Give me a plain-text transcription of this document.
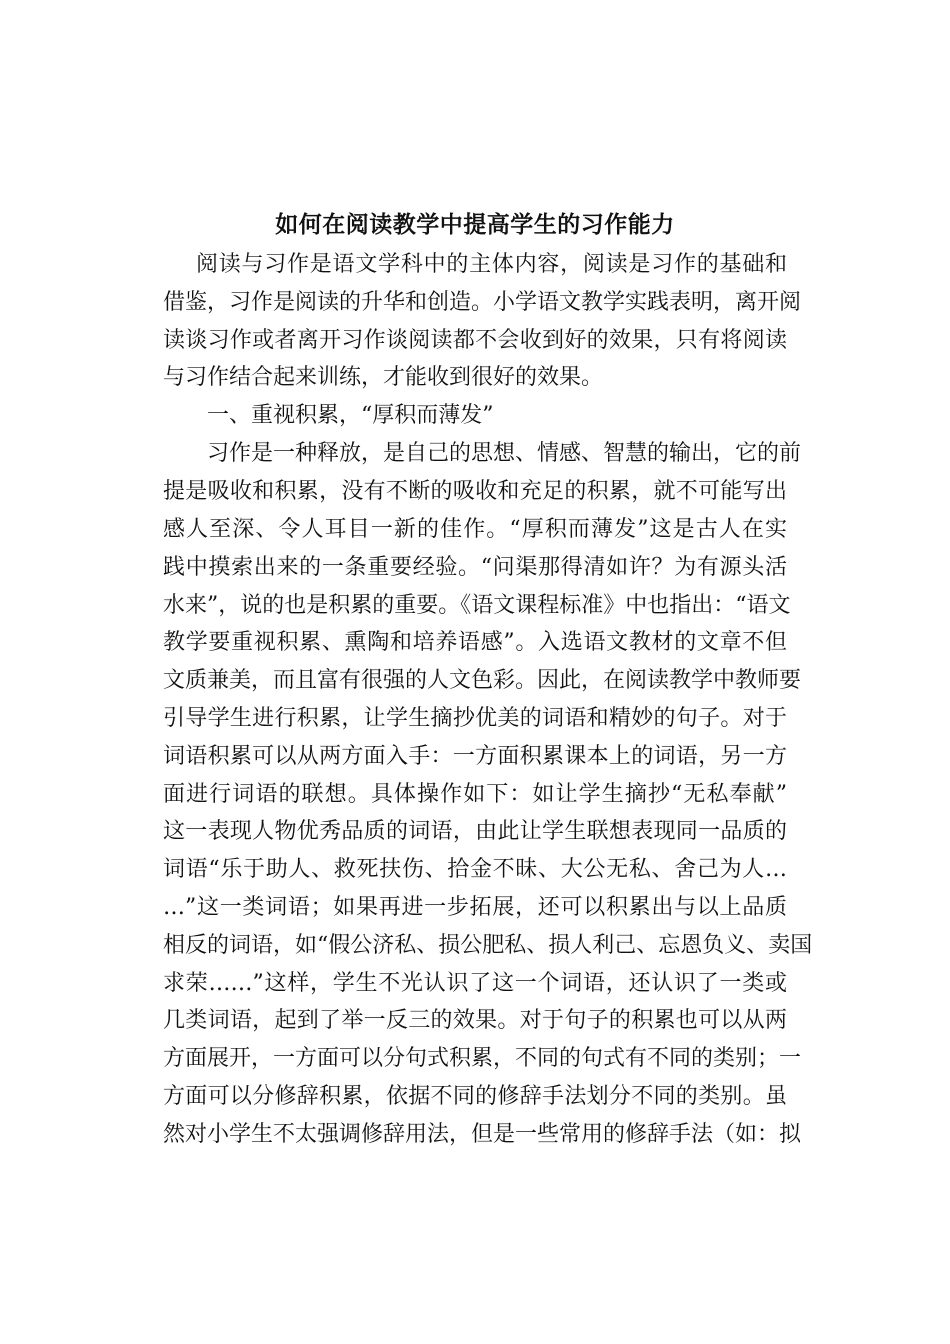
如何在阅读教学中提高学生的习作能力
阅读与习作是语文学科中的主体内容，阅读是习作的基础和
借鉴，习作是阅读的升华和创造。小学语文教学实践表明，离开阅
读谈习作或者离开习作谈阅读都不会收到好的效果，只有将阅读
与习作结合起来训练，才能收到很好的效果。
一、重视积累，“厚积而薄发”
习作是一种释放，是自己的思想、情感、智慧的输出，它的前
提是吸收和积累，没有不断的吸收和充足的积累，就不可能写出
感人至深、令人耳目一新的佳作。“厚积而薄发”这是古人在实
践中摸索出来的一条重要经验。“问渠那得清如许？为有源头活
水来”，说的也是积累的重要。《语文课程标准》中也指出：“语文
教学要重视积累、熏陶和培养语感”。入选语文教材的文章不但
文质兼美，而且富有很强的人文色彩。因此，在阅读教学中教师要
引导学生进行积累，让学生摘抄优美的词语和精妙的句子。对于
词语积累可以从两方面入手：一方面积累课本上的词语，另一方
面进行词语的联想。具体操作如下：如让学生摘抄“无私奉献”
这一表现人物优秀品质的词语，由此让学生联想表现同一品质的
词语“乐于助人、救死扶伤、拾金不昧、大公无私、舍己为人…
…”这一类词语；如果再进一步拓展，还可以积累出与以上品质
相反的词语，如“假公济私、损公肥私、损人利己、忘恩负义、卖国
求荣……”这样，学生不光认识了这一个词语，还认识了一类或
几类词语，起到了举一反三的效果。对于句子的积累也可以从两
方面展开，一方面可以分句式积累，不同的句式有不同的类别；一
方面可以分修辞积累，依据不同的修辞手法划分不同的类别。虽
然对小学生不太强调修辞用法，但是一些常用的修辞手法（如：拟
